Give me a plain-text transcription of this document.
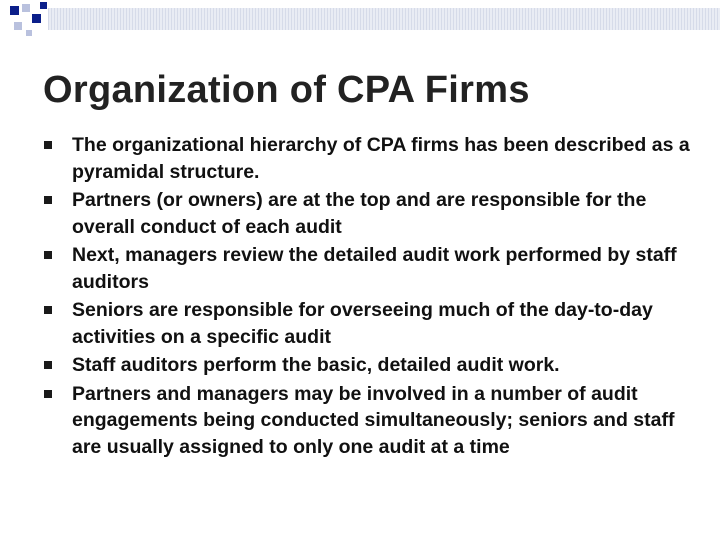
Organization of CPA Firms
The organizational hierarchy of CPA firms has been described as a pyramidal structure.
Partners (or owners) are at the top and are responsible for the overall conduct of each audit
Next, managers review the detailed audit work performed by staff auditors
Seniors are responsible for overseeing much of the day-to-day activities on a specific audit
Staff auditors perform the basic, detailed audit work.
Partners and managers may be involved in a number of audit engagements being conducted simultaneously; seniors and staff are usually assigned to only one audit at a time
